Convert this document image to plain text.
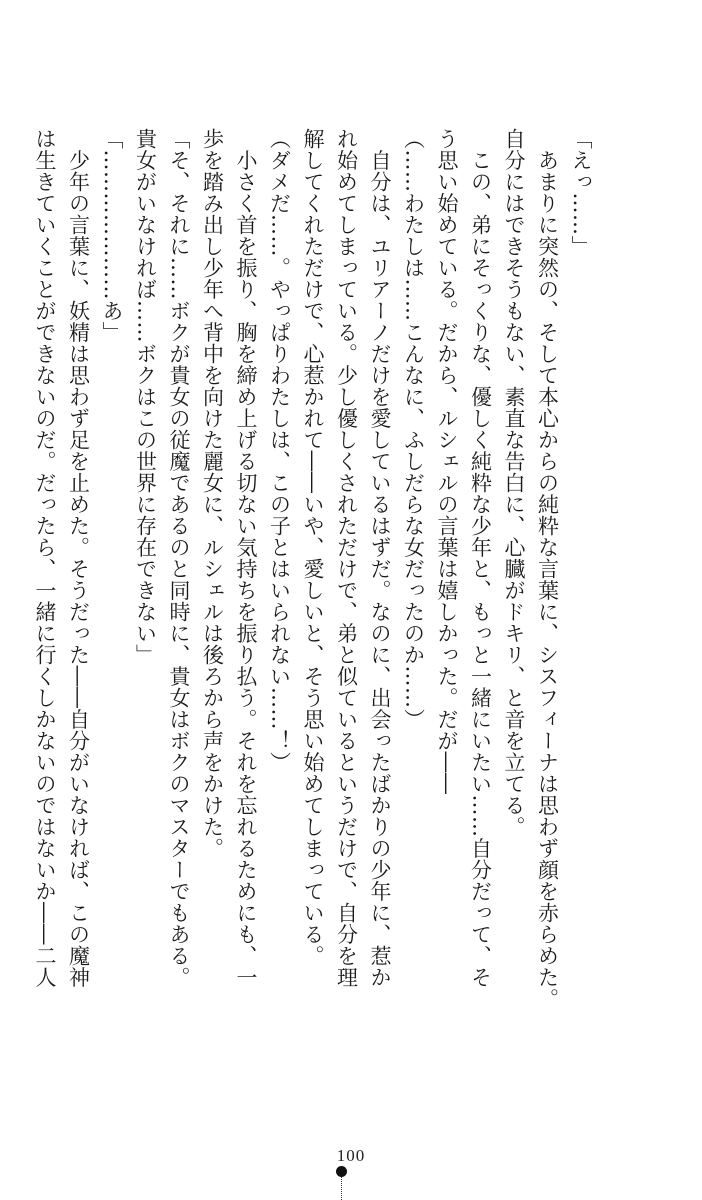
「えっ……」
　あまりに突然の、そして本心からの純粋な言葉に、シスフィーナは思わず顔を赤らめた。
自分にはできそうもない、素直な告白に、心臓がドキリ、と音を立てる。
　この、弟にそっくりな、優しく純粋な少年と、もっと一緒にいたい……自分だって、そ
う思い始めている。だから、ルシェルの言葉は嬉しかった。だが――
（……わたしは……こんなに、ふしだらな女だったのか……）
　自分は、ユリアーノだけを愛しているはずだ。なのに、出会ったばかりの少年に、惹か
れ始めてしまっている。少し優しくされただけで、弟と似ているというだけで、自分を理
解してくれただけで、心惹かれて――いや、愛しいと、そう思い始めてしまっている。
（ダメだ……。やっぱりわたしは、この子とはいられない……！）
　小さく首を振り、胸を締め上げる切ない気持ちを振り払う。それを忘れるためにも、一
歩を踏み出し少年へ背中を向けた麗女に、ルシェルは後ろから声をかけた。
「そ、それに……ボクが貴女の従魔であるのと同時に、貴女はボクのマスターでもある。
貴女がいなければ……ボクはこの世界に存在できない」
「…………………あ」
　少年の言葉に、妖精は思わず足を止めた。そうだった――自分がいなければ、この魔神
は生きていくことができないのだ。だったら、一緒に行くしかないのではないか――二人
100
